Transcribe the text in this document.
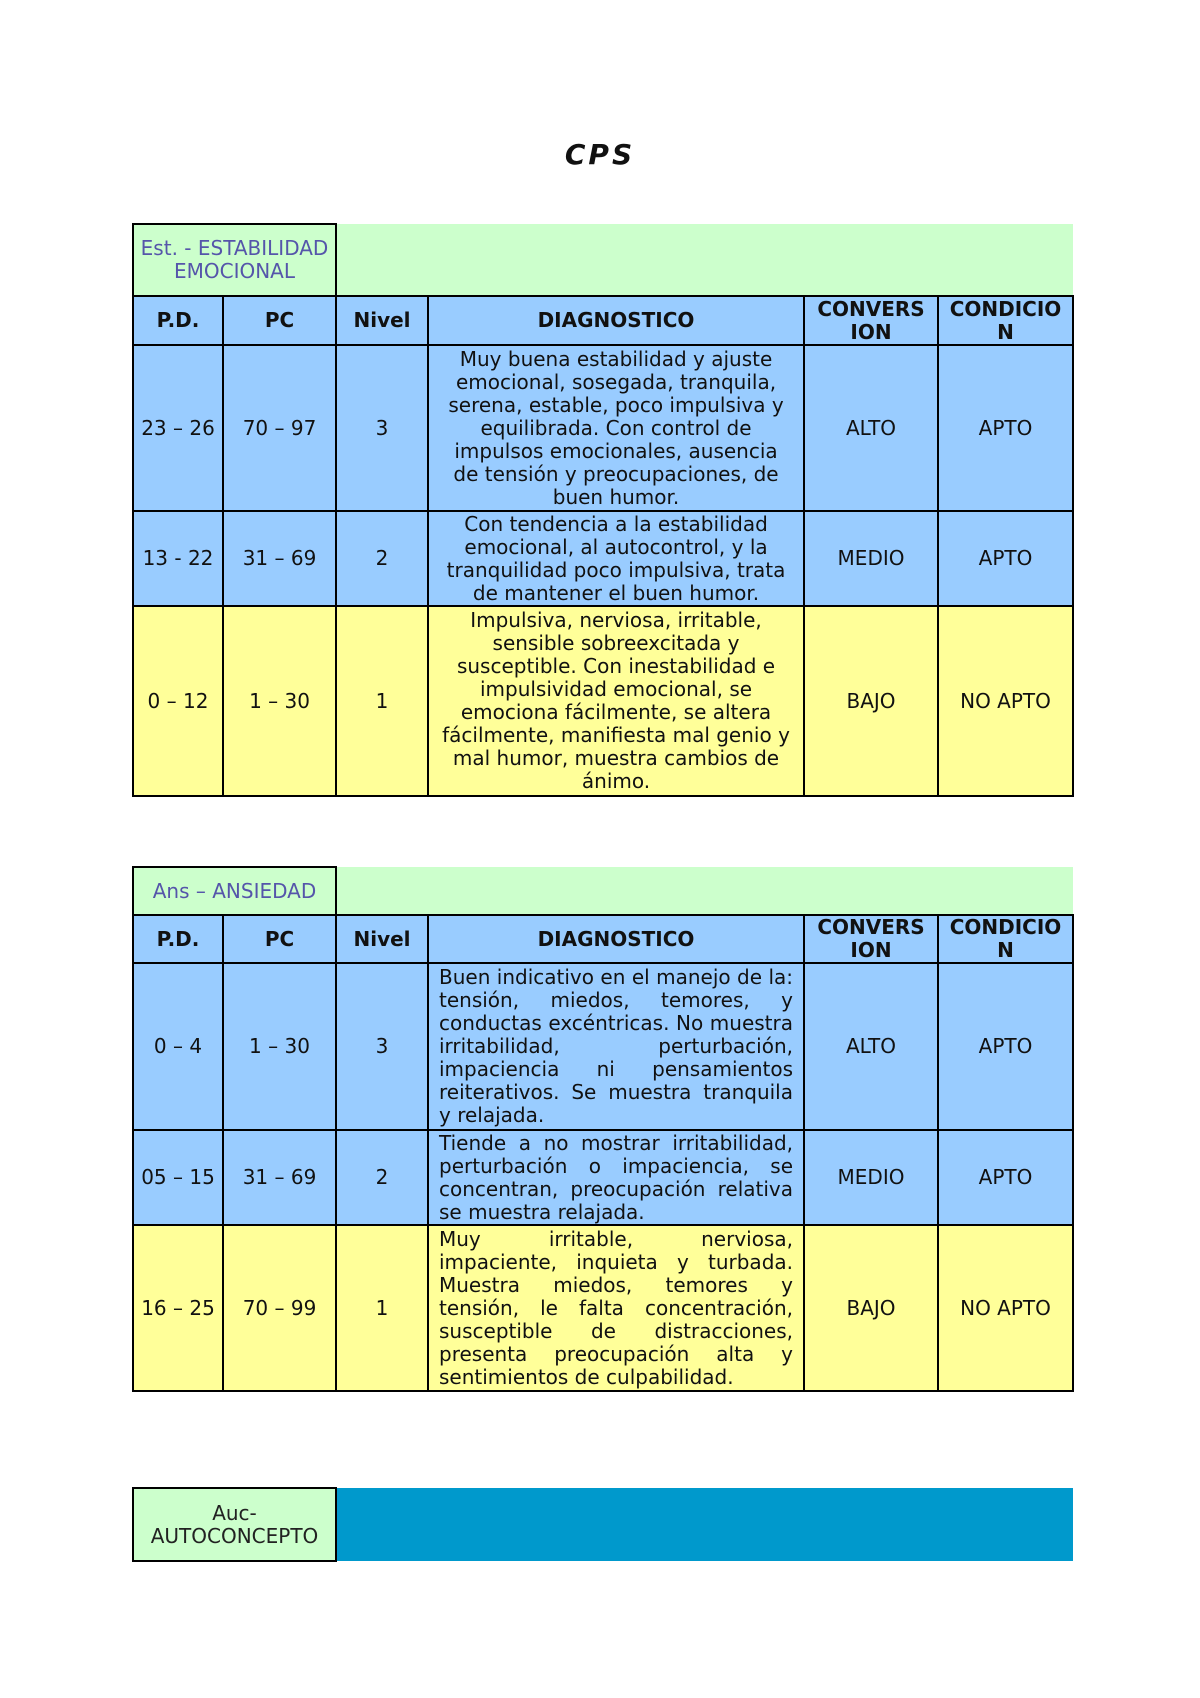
CPS
Est. - ESTABILIDAD EMOCIONAL					
P.D.	PC	Nivel	DIAGNOSTICO	CONVERS ION	CONDICIO N
23 – 26	70 – 97	3	Muy buena estabilidad y ajuste emocional, sosegada, tranquila, serena, estable, poco impulsiva y equilibrada. Con control de impulsos emocionales, ausencia de tensión y preocupaciones, de buen humor.	ALTO	APTO
13 - 22	31 – 69	2	Con tendencia a la estabilidad emocional, al autocontrol, y la tranquilidad poco impulsiva, trata de mantener el buen humor.	MEDIO	APTO
0 – 12	1 – 30	1	Impulsiva, nerviosa, irritable, sensible sobreexcitada y susceptible. Con inestabilidad e impulsividad emocional, se emociona fácilmente, se altera fácilmente, manifiesta mal genio y mal humor, muestra cambios de ánimo.	BAJO	NO APTO
Ans – ANSIEDAD					
P.D.	PC	Nivel	DIAGNOSTICO	CONVERS ION	CONDICIO N
0 – 4	1 – 30	3	Buen indicativo en el manejo de la: tensión, miedos, temores, y conductas excéntricas. No muestra irritabilidad, perturbación, impaciencia ni pensamientos reiterativos. Se muestra tranquila y relajada.	ALTO	APTO
05 – 15	31 – 69	2	Tiende a no mostrar irritabilidad, perturbación o impaciencia, se concentran, preocupación relativa se muestra relajada.	MEDIO	APTO
16 – 25	70 – 99	1	Muy irritable, nerviosa, impaciente, inquieta y turbada. Muestra miedos, temores y tensión, le falta concentración, susceptible de distracciones, presenta preocupación alta y sentimientos de culpabilidad.	BAJO	NO APTO
Auc- AUTOCONCEPTO	
